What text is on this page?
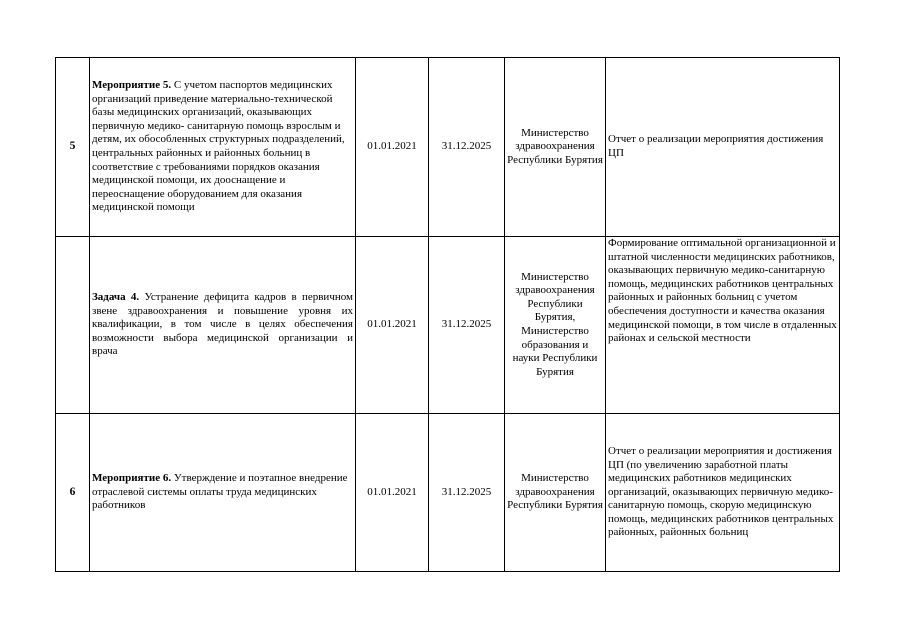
5	Мероприятие 5. С учетом паспортов медицинских организаций приведение материально-технической базы медицинских организаций, оказывающих первичную медико- санитарную помощь взрослым и детям, их обособленных структурных подразделений, центральных районных и районных больниц в соответствие с требованиями порядков оказания медицинской помощи, их дооснащение и переоснащение оборудованием для оказания медицинской помощи	01.01.2021	31.12.2025	Министерство здравоохранения Республики Бурятия	Отчет о реализации мероприятия достижения ЦП
	Задача 4. Устранение дефицита кадров в первичном звене здравоохранения и повышение уровня их квалификации, в том числе в целях обеспечения возможности выбора медицинской организации и врача	01.01.2021	31.12.2025	Министерство здравоохранения Республики Бурятия, Министерство образования и науки Республики Бурятия	Формирование оптимальной организационной и штатной численности медицинских работников, оказывающих первичную медико-санитарную помощь, медицинских работников центральных районных и районных больниц с учетом обеспечения доступности и качества оказания медицинской помощи, в том числе в отдаленных районах и сельской местности
6	Мероприятие 6. Утверждение и поэтапное внедрение отраслевой системы оплаты труда медицинских работников	01.01.2021	31.12.2025	Министерство здравоохранения Республики Бурятия	Отчет о реализации мероприятия и достижения ЦП (по увеличению заработной платы медицинских работников медицинских организаций, оказывающих первичную медико-санитарную помощь, скорую медицинскую помощь, медицинских работников центральных районных, районных больниц
